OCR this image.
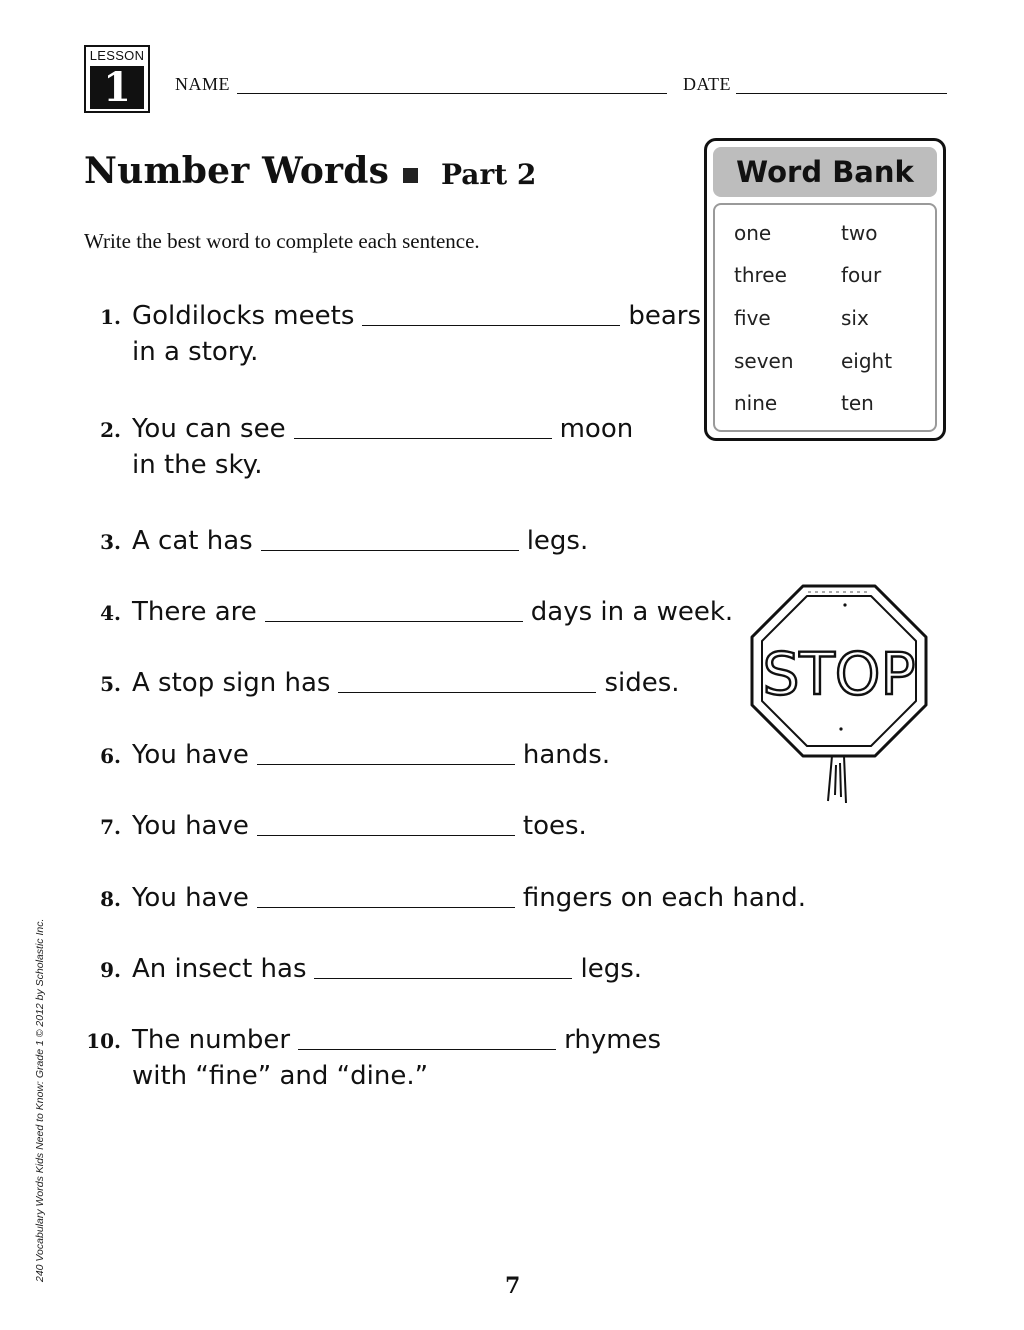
LESSON
1	NAME	DATE
Number Words Part 2
Write the best word to complete each sentence.
Word Bank
one	two
three	four
five	six
seven eight
nine	ten
1. Goldilocks meets	bears
in a story.
2. You can see	moon
in the sky.
3. A cat has	legs.
4. There are	days in a week.
5. A stop sign has	sides.
6. You have	hands.
7. You have	toes.
8. You have	fingers on each hand.
9. An insect has	legs.
10. The number	rhymes
with “fine” and “dine.”
STOP
7
240 Vocabulary Words Kids Need to Know: Grade 1 © 2012 by Scholastic Inc.
